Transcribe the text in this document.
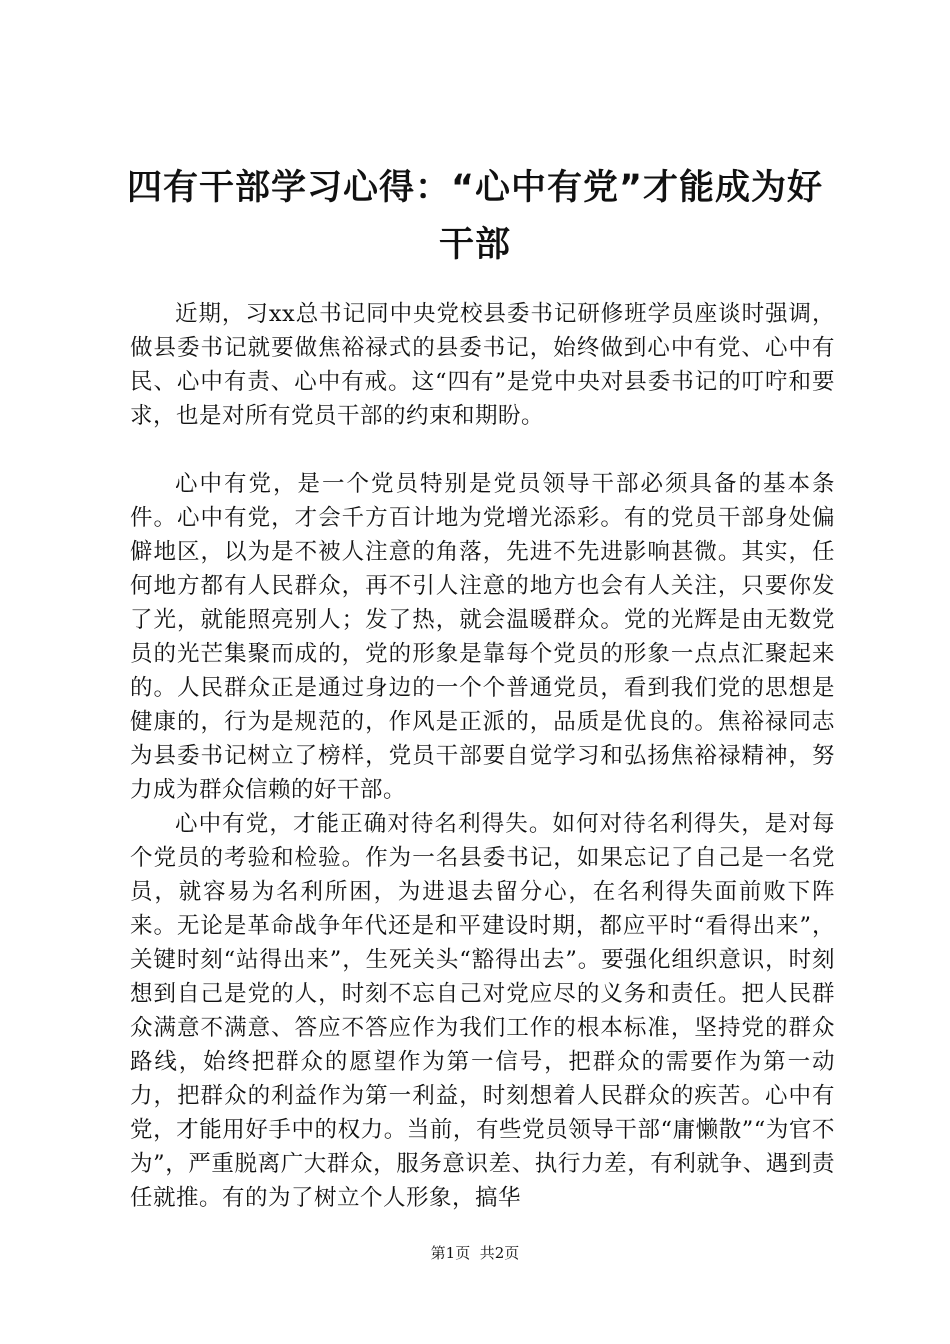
四有干部学习心得：“心中有党”才能成为好干部

近期，习xx总书记同中央党校县委书记研修班学员座谈时强调，做县委书记就要做焦裕禄式的县委书记，始终做到心中有党、心中有民、心中有责、心中有戒。这“四有”是党中央对县委书记的叮咛和要求，也是对所有党员干部的约束和期盼。

心中有党，是一个党员特别是党员领导干部必须具备的基本条件。心中有党，才会千方百计地为党增光添彩。有的党员干部身处偏僻地区，以为是不被人注意的角落，先进不先进影响甚微。其实，任何地方都有人民群众，再不引人注意的地方也会有人关注，只要你发了光，就能照亮别人；发了热，就会温暖群众。党的光辉是由无数党员的光芒集聚而成的，党的形象是靠每个党员的形象一点点汇聚起来的。人民群众正是通过身边的一个个普通党员，看到我们党的思想是健康的，行为是规范的，作风是正派的，品质是优良的。焦裕禄同志为县委书记树立了榜样，党员干部要自觉学习和弘扬焦裕禄精神，努力成为群众信赖的好干部。

心中有党，才能正确对待名利得失。如何对待名利得失，是对每个党员的考验和检验。作为一名县委书记，如果忘记了自己是一名党员，就容易为名利所困，为进退去留分心，在名利得失面前败下阵来。无论是革命战争年代还是和平建设时期，都应平时“看得出来”，关键时刻“站得出来”，生死关头“豁得出去”。要强化组织意识，时刻想到自己是党的人，时刻不忘自己对党应尽的义务和责任。把人民群众满意不满意、答应不答应作为我们工作的根本标准，坚持党的群众路线，始终把群众的愿望作为第一信号，把群众的需要作为第一动力，把群众的利益作为第一利益，时刻想着人民群众的疾苦。心中有党，才能用好手中的权力。当前，有些党员领导干部“庸懒散”“为官不为”，严重脱离广大群众，服务意识差、执行力差，有利就争、遇到责任就推。有的为了树立个人形象，搞华

第1页 共2页
